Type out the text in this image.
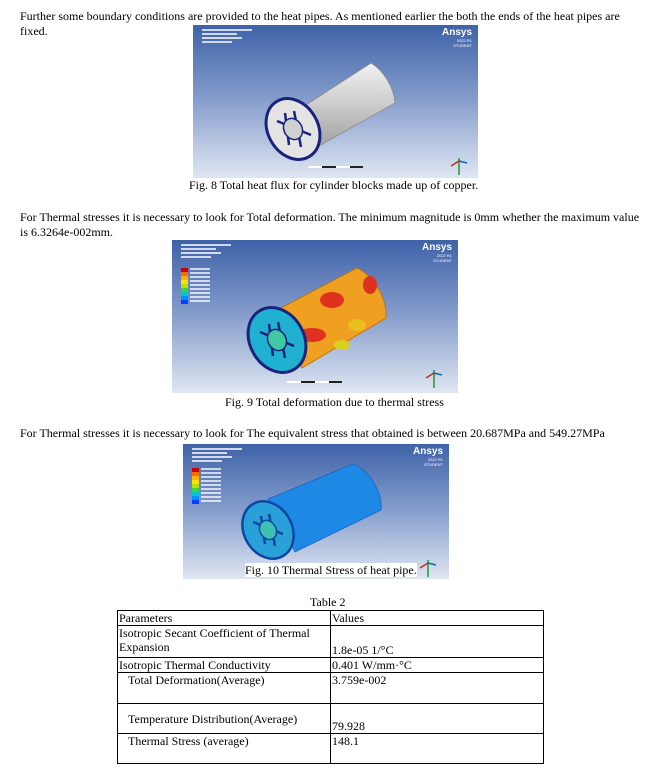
Further some boundary conditions are provided to the heat pipes. As mentioned earlier the both the ends of the heat pipes are fixed.	Ansys
2022 R1
STUDENT
Fig. 8 Total heat flux for cylinder blocks made up of copper.
For Thermal stresses it is necessary to look for Total deformation. The minimum magnitude is 0mm whether the maximum value is 6.3264e-002mm.
Ansys
2022 R1
STUDENT
Fig. 9 Total deformation due to thermal stress
For Thermal stresses it is necessary to look for The equivalent stress that obtained is between 20.687MPa and 549.27MPa
Ansys
2022 R1
STUDENT
Fig. 10 Thermal Stress of heat pipe.
Table 2
Parameters	Values
Isotropic Secant Coefficient of Thermal Expansion	1.8e-05 1/°C
Isotropic Thermal Conductivity	0.401 W/mm·°C
Total Deformation(Average)	3.759e-002
Temperature Distribution(Average)	79.928
Thermal Stress (average)	148.1
